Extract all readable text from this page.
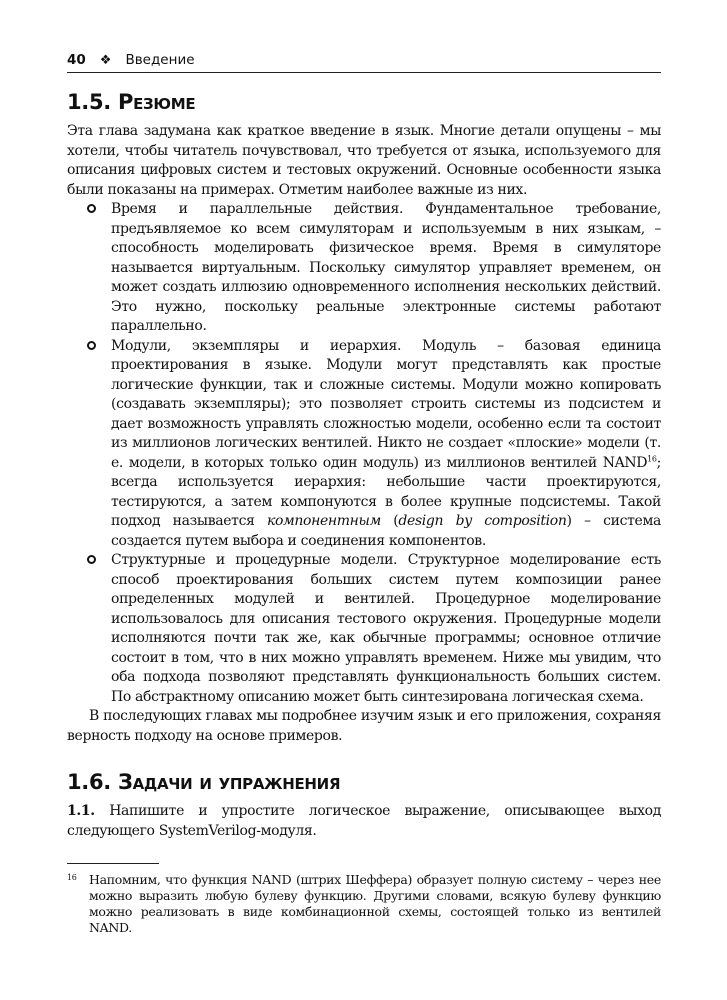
40 ❖ Введение
1.5. Резюме

Эта глава задумана как краткое введение в язык. Многие детали опущены – мы хотели, чтобы читатель почувствовал, что требуется от языка, используемого для описания цифровых систем и тестовых окружений. Основные особенности языка были показаны на примерах. Отметим наиболее важные из них.

Время и параллельные действия. Фундаментальное требование, предъявляемое ко всем симуляторам и используемым в них языкам, – способность моделировать физическое время. Время в симуляторе называется виртуальным. Поскольку симулятор управляет временем, он может создать иллюзию одновременного исполнения нескольких действий. Это нужно, поскольку реальные электронные системы работают параллельно.
Модули, экземпляры и иерархия. Модуль – базовая единица проектирования в языке. Модули могут представлять как простые логические функции, так и сложные системы. Модули можно копировать (создавать экземпляры); это позволяет строить системы из подсистем и дает возможность управлять сложностью модели, особенно если та состоит из миллионов логических вентилей. Никто не создает «плоские» модели (т. е. модели, в которых только один модуль) из миллионов вентилей NAND$^{16}$; всегда используется иерархия: небольшие части проектируются, тестируются, а затем компонуются в более крупные подсистемы. Такой подход называется компонентным (design by composition) – система создается путем выбора и соединения компонентов.
Структурные и процедурные модели. Структурное моделирование есть способ проектирования больших систем путем композиции ранее определенных модулей и вентилей. Процедурное моделирование использовалось для описания тестового окружения. Процедурные модели исполняются почти так же, как обычные программы; основное отличие состоит в том, что в них можно управлять временем. Ниже мы увидим, что оба подхода позволяют представлять функциональность больших систем. По абстрактному описанию может быть синтезирована логическая схема.

В последующих главах мы подробнее изучим язык и его приложения, сохраняя верность подходу на основе примеров.

1.6. Задачи и упражнения

1.1. Напишите и упростите логическое выражение, описывающее выход следующего SystemVerilog-модуля.

16 Напомним, что функция NAND (штрих Шеффера) образует полную систему – через нее можно выразить любую булеву функцию. Другими словами, всякую булеву функцию можно реализовать в виде комбинационной схемы, состоящей только из вентилей NAND.
